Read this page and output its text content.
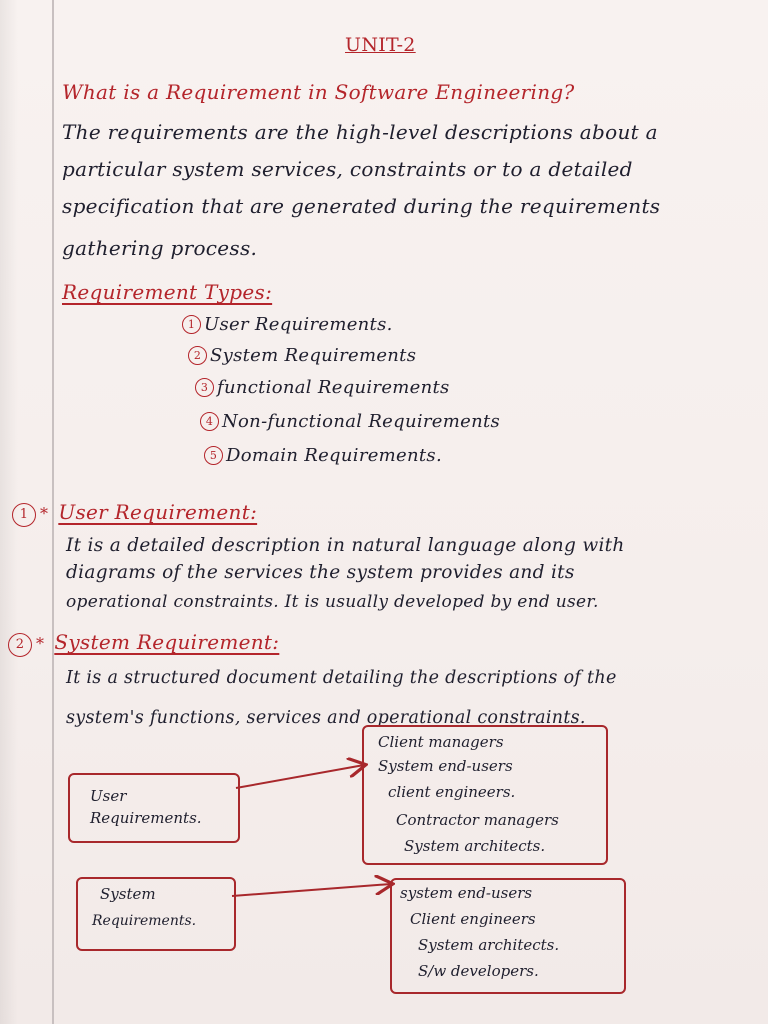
UNIT-2
What is a Requirement in Software Engineering?
The requirements are the high-level descriptions about a
particular system services, constraints or to a detailed
specification that are generated during the requirements
gathering process.
Requirement Types:
1 User Requirements.
2 System Requirements
3 functional Requirements
4 Non-functional Requirements
5 Domain Requirements.
1 * User Requirement:
It is a detailed description in natural language along with
diagrams of the services the system provides and its
operational constraints. It is usually developed by end user.
2 * System Requirement:
It is a structured document detailing the descriptions of the
system's functions, services and operational constraints.
User
Requirements.
Client managers
System end-users
client engineers.
Contractor managers
System architects.
System
Requirements.
system end-users
Client engineers
System architects.
S/w developers.
